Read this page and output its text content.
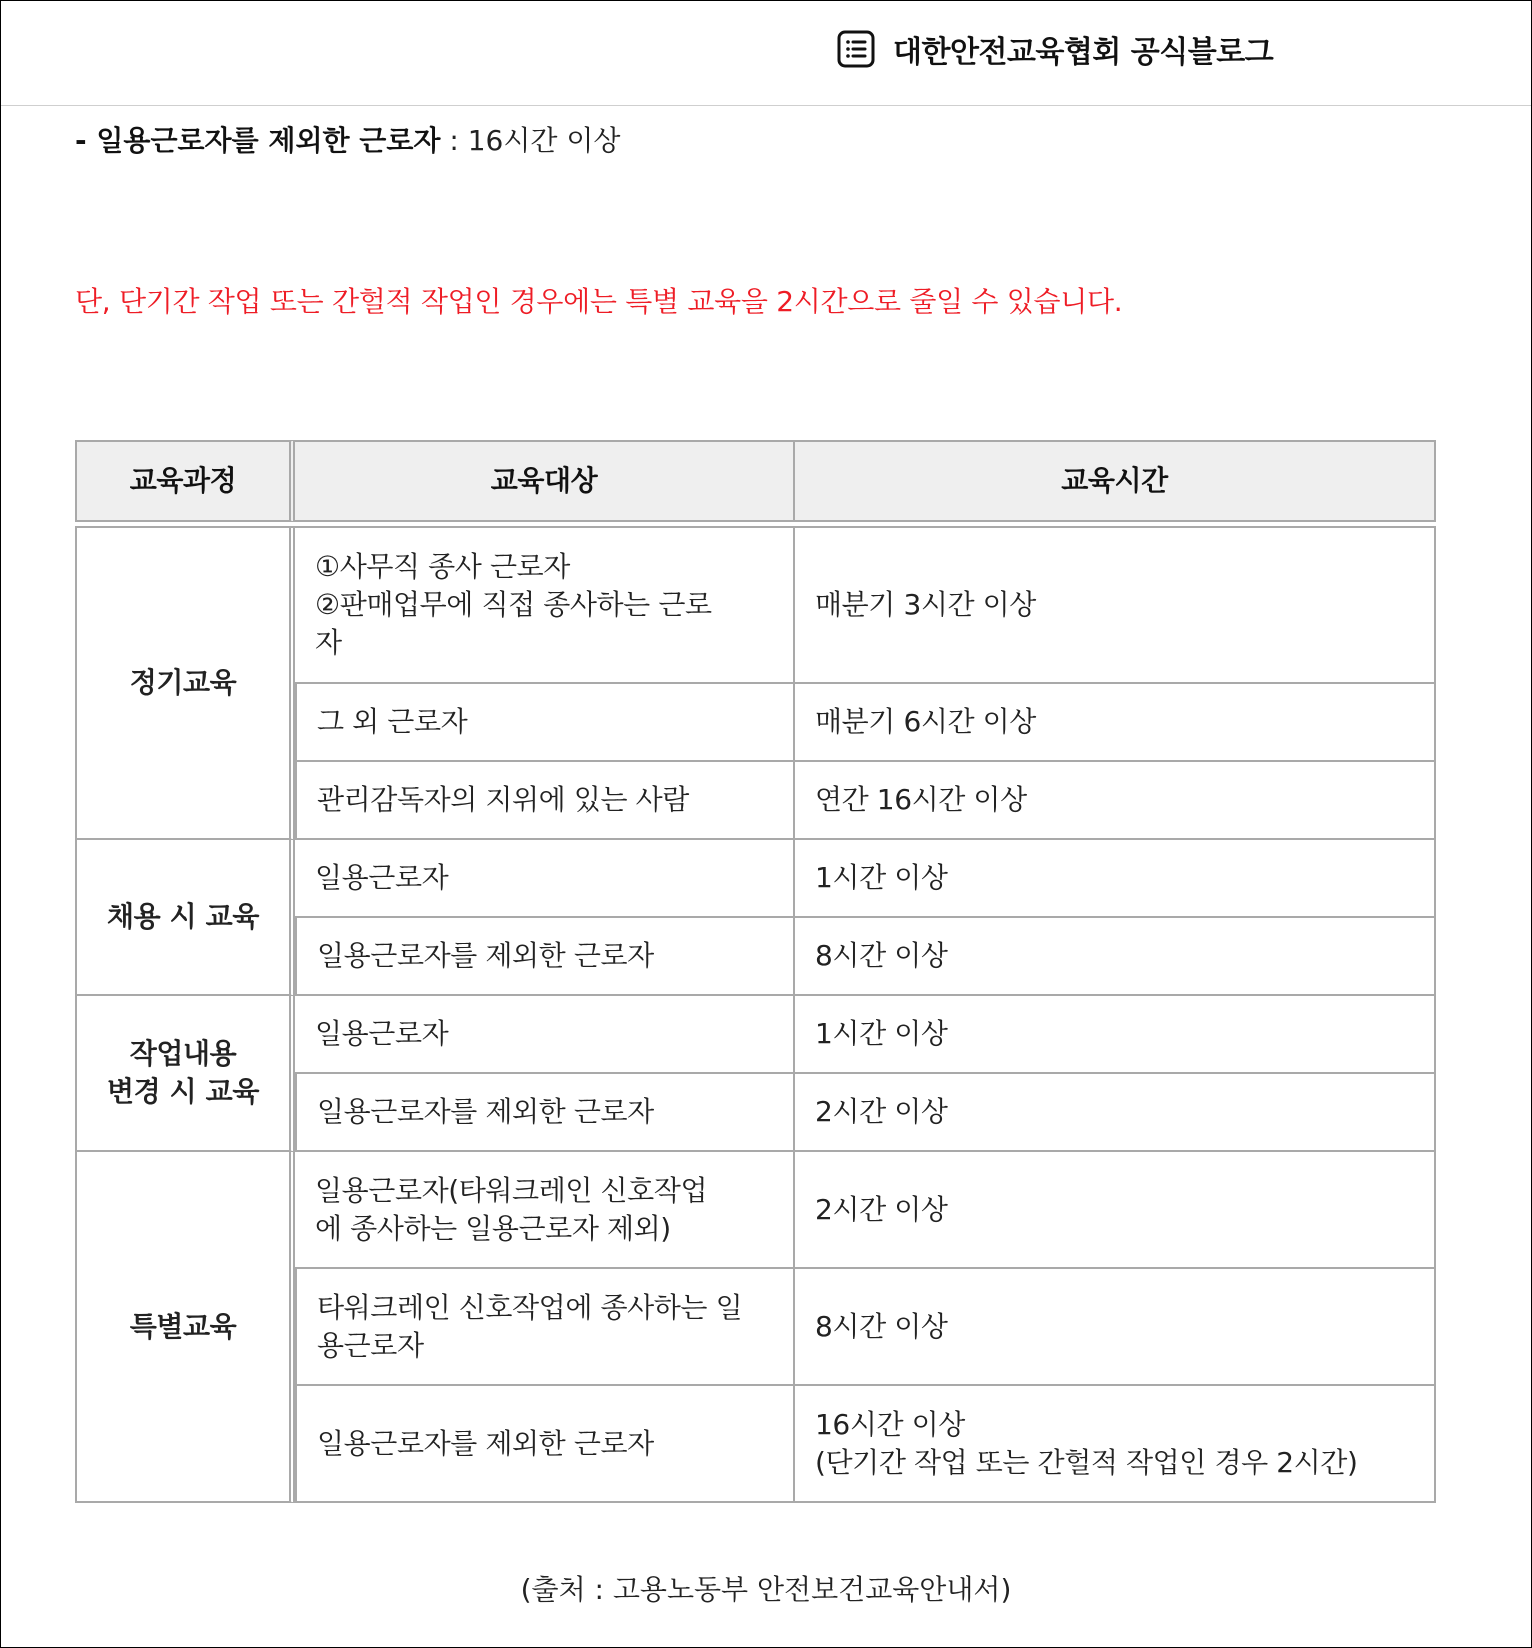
대한안전교육협회 공식블로그
- 일용근로자를 제외한 근로자 : 16시간 이상
단, 단기간 작업 또는 간헐적 작업인 경우에는 특별 교육을 2시간으로 줄일 수 있습니다.
교육과정	교육대상	교육시간

정기교육	①사무직 종사 근로자
②판매업무에 직접 종사하는 근로
자	매분기 3시간 이상
	그 외 근로자	매분기 6시간 이상
	관리감독자의 지위에 있는 사람	연간 16시간 이상
채용 시 교육	일용근로자	1시간 이상
	일용근로자를 제외한 근로자	8시간 이상
작업내용
변경 시 교육	일용근로자	1시간 이상
	일용근로자를 제외한 근로자	2시간 이상
특별교육	일용근로자(타워크레인 신호작업
에 종사하는 일용근로자 제외)	2시간 이상
	타워크레인 신호작업에 종사하는 일
용근로자	8시간 이상
	일용근로자를 제외한 근로자	16시간 이상
(단기간 작업 또는 간헐적 작업인 경우 2시간)
(출처 : 고용노동부 안전보건교육안내서)
